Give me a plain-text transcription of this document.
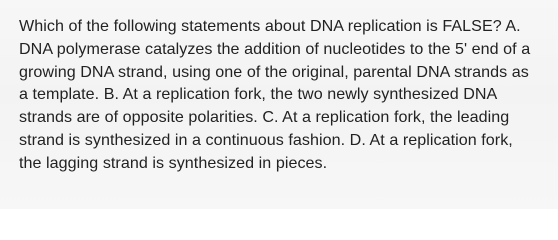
Which of the following statements about DNA replication is FALSE? A. DNA polymerase catalyzes the addition of nucleotides to the 5' end of a growing DNA strand, using one of the original, parental DNA strands as a template. B. At a replication fork, the two newly synthesized DNA strands are of opposite polarities. C. At a replication fork, the leading strand is synthesized in a continuous fashion. D. At a replication fork, the lagging strand is synthesized in pieces.
